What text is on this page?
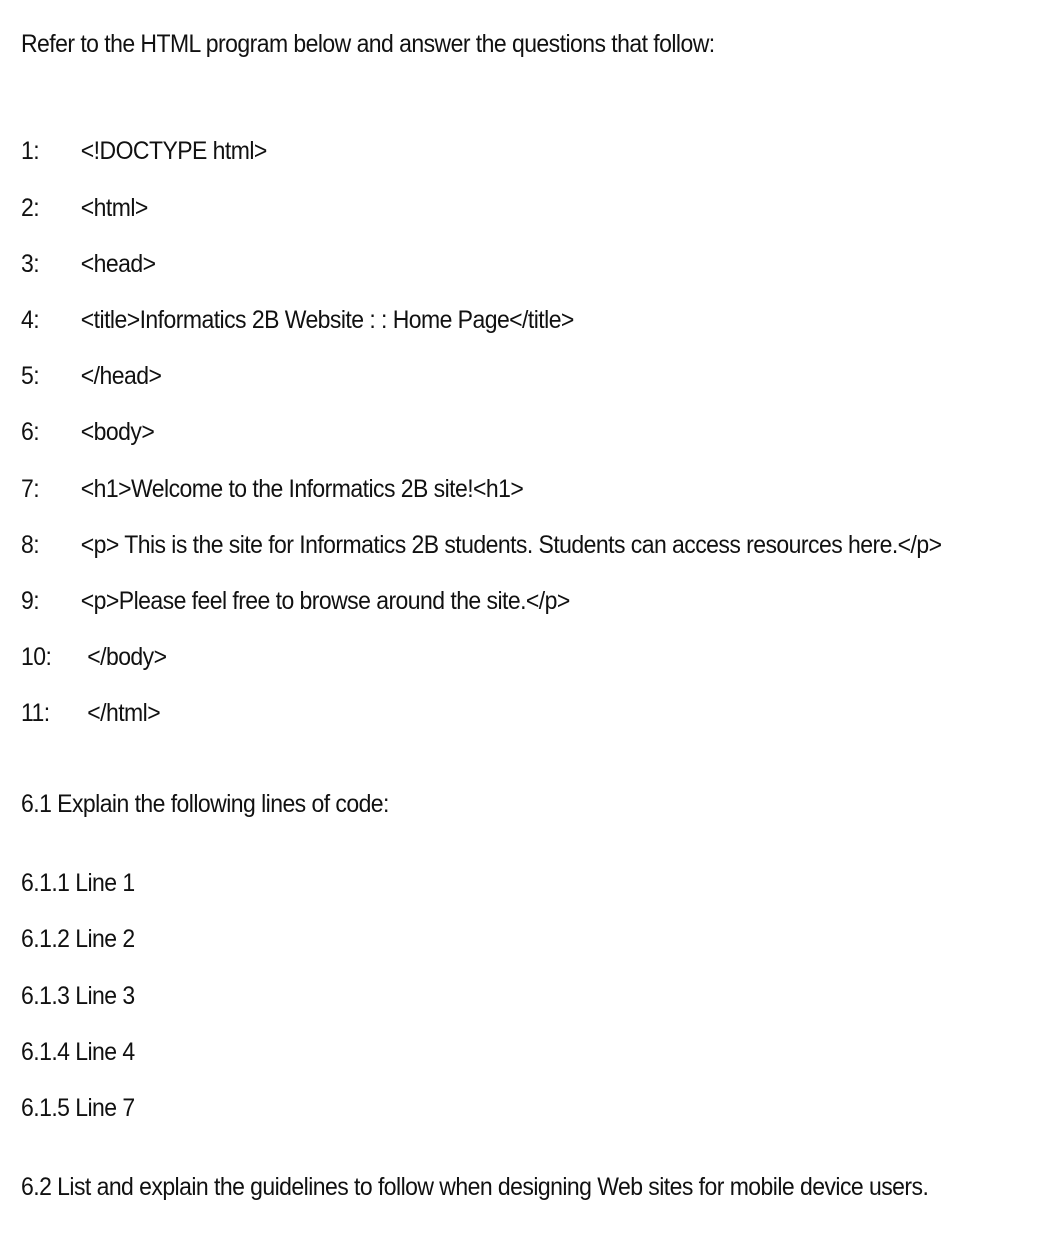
Refer to the HTML program below and answer the questions that follow:
1: <!DOCTYPE html>
2: <html>
3: <head>
4: <title>Informatics 2B Website : : Home Page</title>
5: </head>
6: <body>
7: <h1>Welcome to the Informatics 2B site!<h1>
8: <p> This is the site for Informatics 2B students. Students can access resources here.</p>
9: <p>Please feel free to browse around the site.</p>
10: </body>
11: </html>
6.1 Explain the following lines of code:
6.1.1 Line 1
6.1.2 Line 2
6.1.3 Line 3
6.1.4 Line 4
6.1.5 Line 7
6.2 List and explain the guidelines to follow when designing Web sites for mobile device users.
